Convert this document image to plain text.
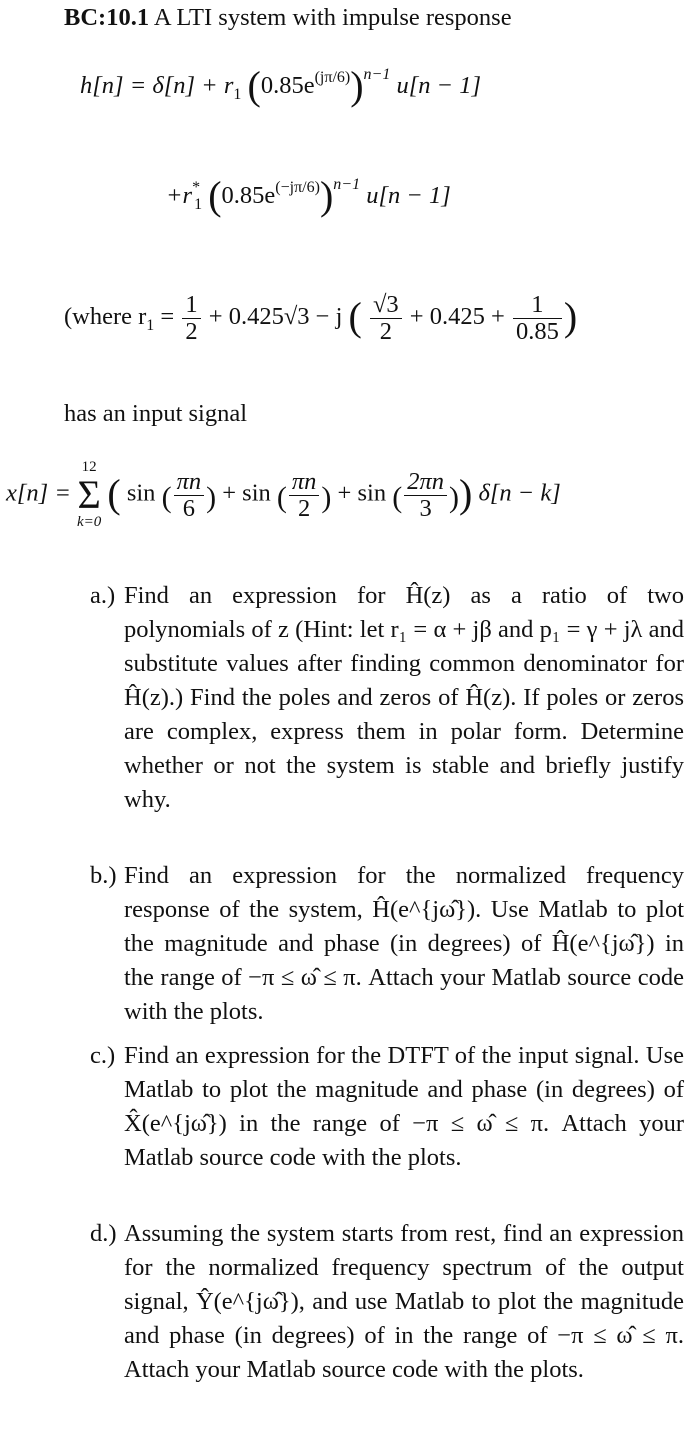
BC:10.1 A LTI system with impulse response
$h[n] = \delta[n] + r_1$ $(0.85e^{(j\pi/6)})^{n-1}$ u[n − 1]
$+r^*_1$ $(0.85e^{(-j\pi/6)})^{n-1}$ u[n − 1]
(where $r_1 = \frac{1}{2} + 0.425√3 - j$ ( $\frac{√3}{2} + 0.425 + \frac{1}{0.85}$ )
has an input signal
x[n] =
12
Σ
k=0
( sin ( $\frac{\pi n}{6}$ ) + sin ( $\frac{\pi n}{2}$ ) + sin ( $\frac{2\pi n}{3}$ )) δ[n − k]
a.) Find an expression for Ĥ(z) as a ratio of two polynomials of z (Hint: let r₁ = α + jβ and p₁ = γ + jλ and substitute values after finding common denominator for Ĥ(z).) Find the poles and zeros of Ĥ(z). If poles or zeros are complex, express them in polar form. Determine whether or not the system is stable and briefly justify why.
b.) Find an expression for the normalized frequency response of the system, Ĥ(e^{jω̂}). Use Matlab to plot the magnitude and phase (in degrees) of Ĥ(e^{jω̂}) in the range of −π ≤ ω̂ ≤ π. Attach your Matlab source code with the plots.
c.) Find an expression for the DTFT of the input signal. Use Matlab to plot the magnitude and phase (in degrees) of X̂(e^{jω̂}) in the range of −π ≤ ω̂ ≤ π. Attach your Matlab source code with the plots.
d.) Assuming the system starts from rest, find an expression for the normalized frequency spectrum of the output signal, Ŷ(e^{jω̂}), and use Matlab to plot the magnitude and phase (in degrees) of in the range of −π ≤ ω̂ ≤ π. Attach your Matlab source code with the plots.
